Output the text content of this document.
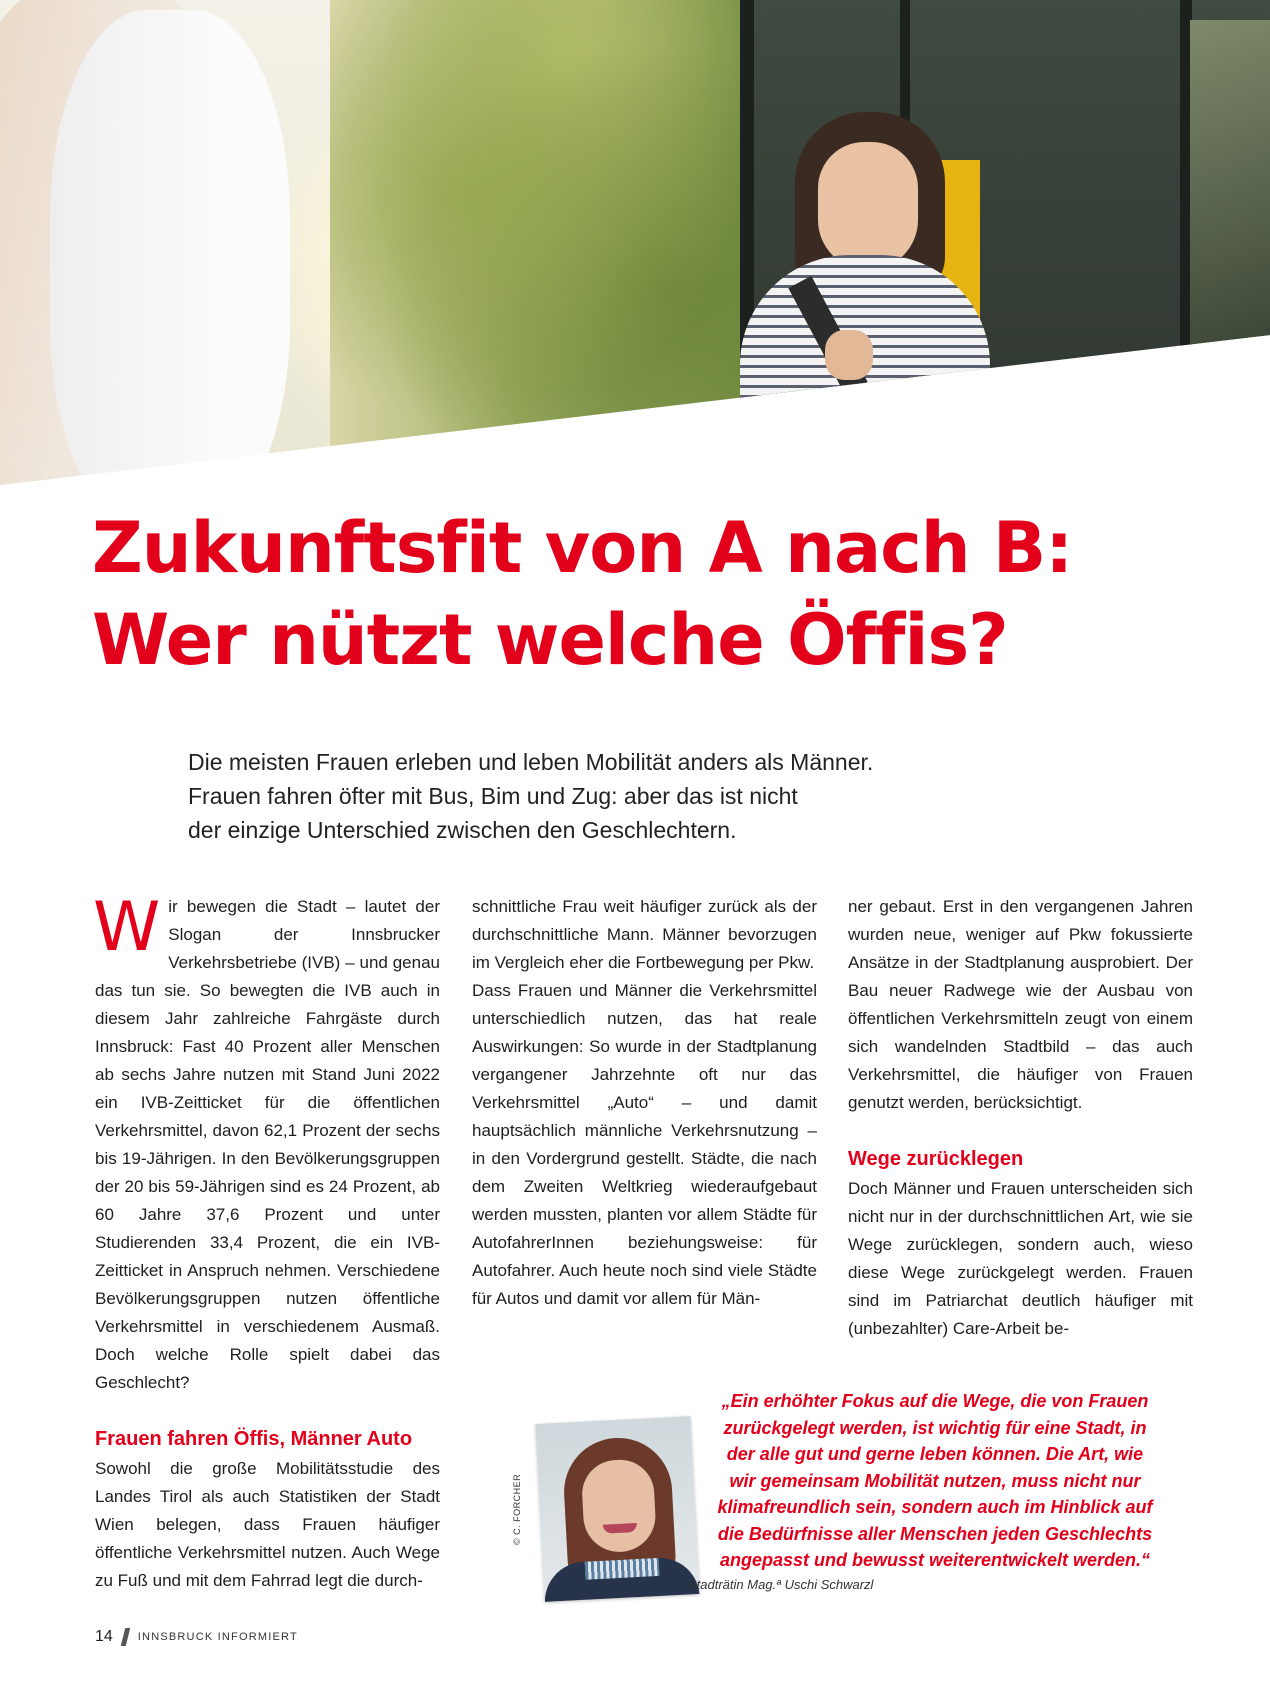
Zukunftsfit von A nach B:
Wer nützt welche Öffis?

Die meisten Frauen erleben und leben Mobilität anders als Männer.
Frauen fahren öfter mit Bus, Bim und Zug: aber das ist nicht
der einzige Unterschied zwischen den Geschlechtern.

Wir bewegen die Stadt – lautet der Slogan der Innsbrucker Verkehrsbetriebe (IVB) – und genau das tun sie. So bewegten die IVB auch in diesem Jahr zahlreiche Fahrgäste durch Innsbruck: Fast 40 Prozent aller Menschen ab sechs Jahre nutzen mit Stand Juni 2022 ein IVB-Zeitticket für die öffentlichen Verkehrsmittel, davon 62,1 Prozent der sechs bis 19-Jährigen. In den Bevölkerungsgruppen der 20 bis 59-Jährigen sind es 24 Prozent, ab 60 Jahre 37,6 Prozent und unter Studierenden 33,4 Prozent, die ein IVB-Zeitticket in Anspruch nehmen. Verschiedene Bevölkerungsgruppen nutzen öffentliche Verkehrsmittel in verschiedenem Ausmaß. Doch welche Rolle spielt dabei das Geschlecht?

Frauen fahren Öffis, Männer Auto

Sowohl die große Mobilitätsstudie des Landes Tirol als auch Statistiken der Stadt Wien belegen, dass Frauen häufiger öffentliche Verkehrsmittel nutzen. Auch Wege zu Fuß und mit dem Fahrrad legt die durch-

schnittliche Frau weit häufiger zurück als der durchschnittliche Mann. Männer bevorzugen im Vergleich eher die Fortbewegung per Pkw.

Dass Frauen und Männer die Verkehrsmittel unterschiedlich nutzen, das hat reale Auswirkungen: So wurde in der Stadtplanung vergangener Jahrzehnte oft nur das Verkehrsmittel „Auto“ – und damit hauptsächlich männliche Verkehrsnutzung – in den Vordergrund gestellt. Städte, die nach dem Zweiten Weltkrieg wiederaufgebaut werden mussten, planten vor allem Städte für AutofahrerInnen beziehungsweise: für Autofahrer. Auch heute noch sind viele Städte für Autos und damit vor allem für Män-

ner gebaut. Erst in den vergangenen Jahren wurden neue, weniger auf Pkw fokussierte Ansätze in der Stadtplanung ausprobiert. Der Bau neuer Radwege wie der Ausbau von öffentlichen Verkehrsmitteln zeugt von einem sich wandelnden Stadtbild – das auch Verkehrsmittel, die häufiger von Frauen genutzt werden, berücksichtigt.

Wege zurücklegen

Doch Männer und Frauen unterscheiden sich nicht nur in der durchschnittlichen Art, wie sie Wege zurücklegen, sondern auch, wieso diese Wege zurückgelegt werden. Frauen sind im Patriarchat deutlich häufiger mit (unbezahlter) Care-Arbeit be-

© C. FORCHER
„Ein erhöhter Fokus auf die Wege, die von Frauen
zurückgelegt werden, ist wichtig für eine Stadt, in
der alle gut und gerne leben können. Die Art, wie
wir gemeinsam Mobilität nutzen, muss nicht nur
klimafreundlich sein, sondern auch im Hinblick auf
die Bedürfnisse aller Menschen jeden Geschlechts
angepasst und bewusst weiterentwickelt werden.“

Stadträtin Mag.ª Uschi Schwarzl

14 INNSBRUCK INFORMIERT
